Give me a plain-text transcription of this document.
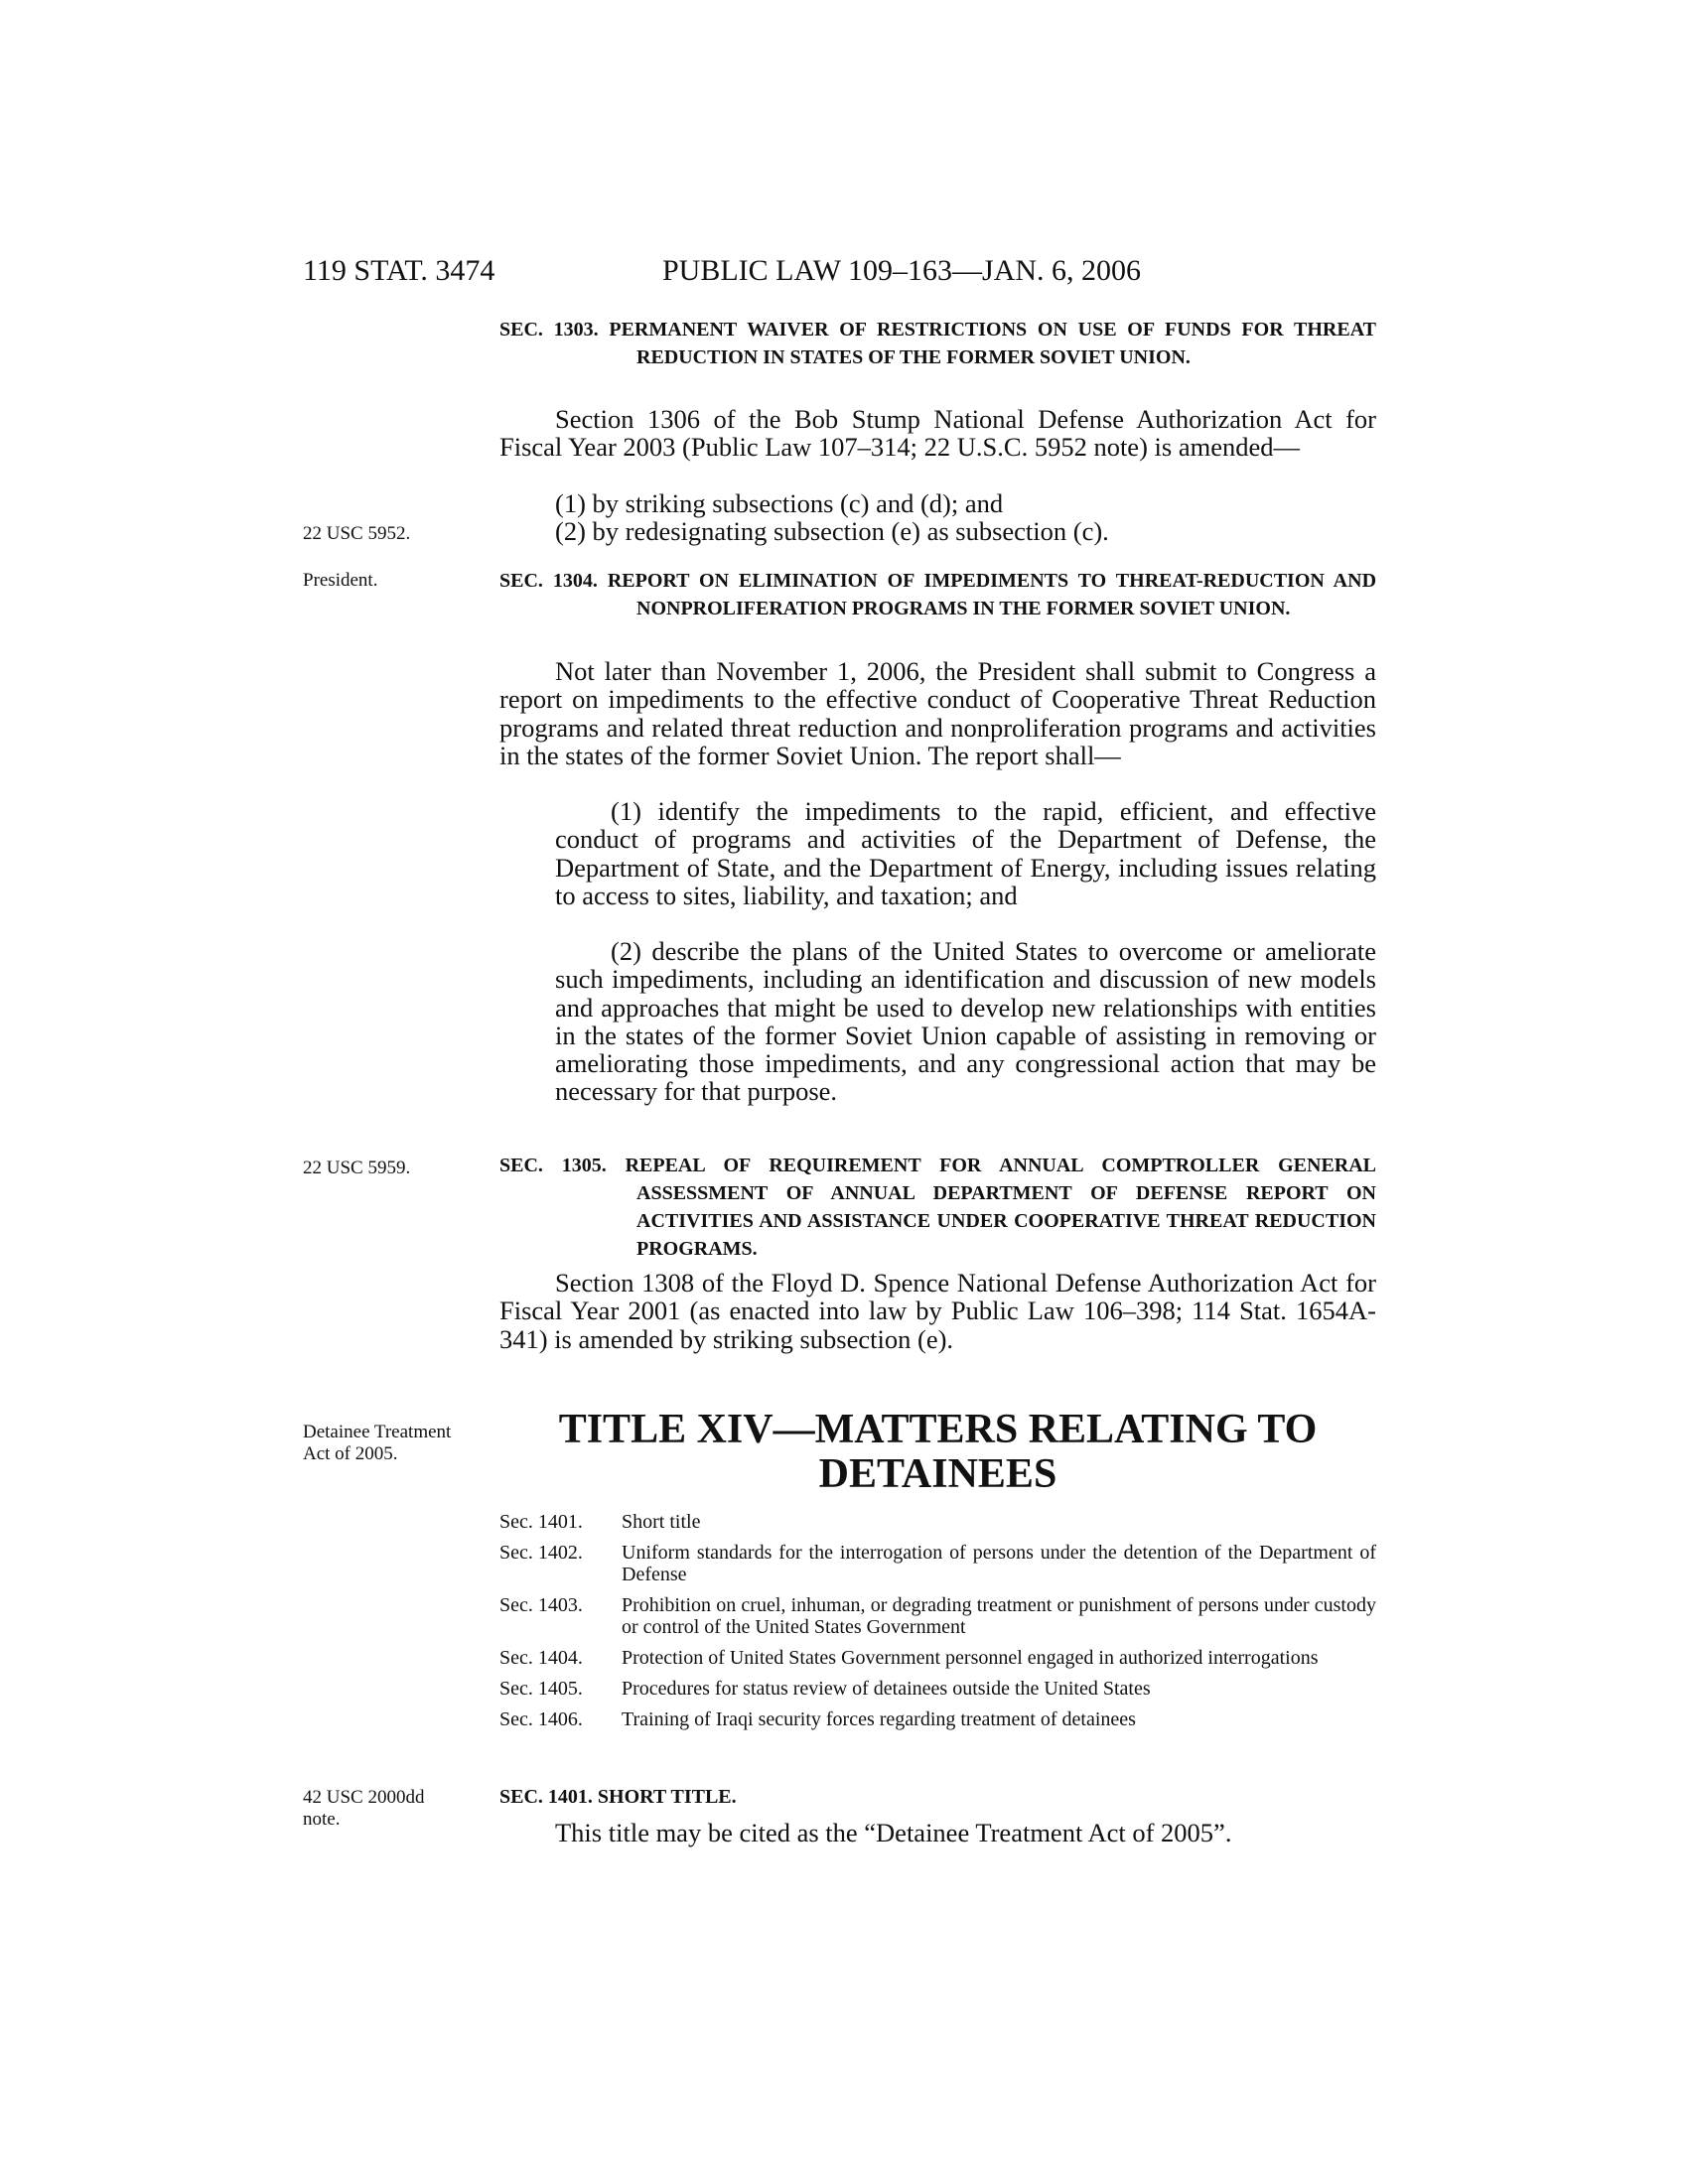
119 STAT. 3474	PUBLIC LAW 109–163—JAN. 6, 2006
SEC. 1303. PERMANENT WAIVER OF RESTRICTIONS ON USE OF FUNDS FOR THREAT REDUCTION IN STATES OF THE FORMER SOVIET UNION.
Section 1306 of the Bob Stump National Defense Authorization Act for Fiscal Year 2003 (Public Law 107–314; 22 U.S.C. 5952 note) is amended—
(1) by striking subsections (c) and (d); and
22 USC 5952.	(2) by redesignating subsection (e) as subsection (c).
President.	SEC. 1304. REPORT ON ELIMINATION OF IMPEDIMENTS TO THREAT-REDUCTION AND NONPROLIFERATION PROGRAMS IN THE FORMER SOVIET UNION.
Not later than November 1, 2006, the President shall submit to Congress a report on impediments to the effective conduct of Cooperative Threat Reduction programs and related threat reduction and nonproliferation programs and activities in the states of the former Soviet Union. The report shall—
(1) identify the impediments to the rapid, efficient, and effective conduct of programs and activities of the Department of Defense, the Department of State, and the Department of Energy, including issues relating to access to sites, liability, and taxation; and
(2) describe the plans of the United States to overcome or ameliorate such impediments, including an identification and discussion of new models and approaches that might be used to develop new relationships with entities in the states of the former Soviet Union capable of assisting in removing or ameliorating those impediments, and any congressional action that may be necessary for that purpose.
22 USC 5959.	SEC. 1305. REPEAL OF REQUIREMENT FOR ANNUAL COMPTROLLER GENERAL ASSESSMENT OF ANNUAL DEPARTMENT OF DEFENSE REPORT ON ACTIVITIES AND ASSISTANCE UNDER COOPERATIVE THREAT REDUCTION PROGRAMS.
Section 1308 of the Floyd D. Spence National Defense Authorization Act for Fiscal Year 2001 (as enacted into law by Public Law 106–398; 114 Stat. 1654A-341) is amended by striking subsection (e).
Detainee Treatment Act of 2005.
TITLE XIV—MATTERS RELATING TO
DETAINEES
Sec. 1401.	Short title
Sec. 1402.	Uniform standards for the interrogation of persons under the detention of the Department of Defense
Sec. 1403.	Prohibition on cruel, inhuman, or degrading treatment or punishment of persons under custody or control of the United States Government
Sec. 1404.	Protection of United States Government personnel engaged in authorized interrogations
Sec. 1405.	Procedures for status review of detainees outside the United States
Sec. 1406.	Training of Iraqi security forces regarding treatment of detainees
42 USC 2000dd note.
SEC. 1401. SHORT TITLE.
This title may be cited as the “Detainee Treatment Act of 2005”.
